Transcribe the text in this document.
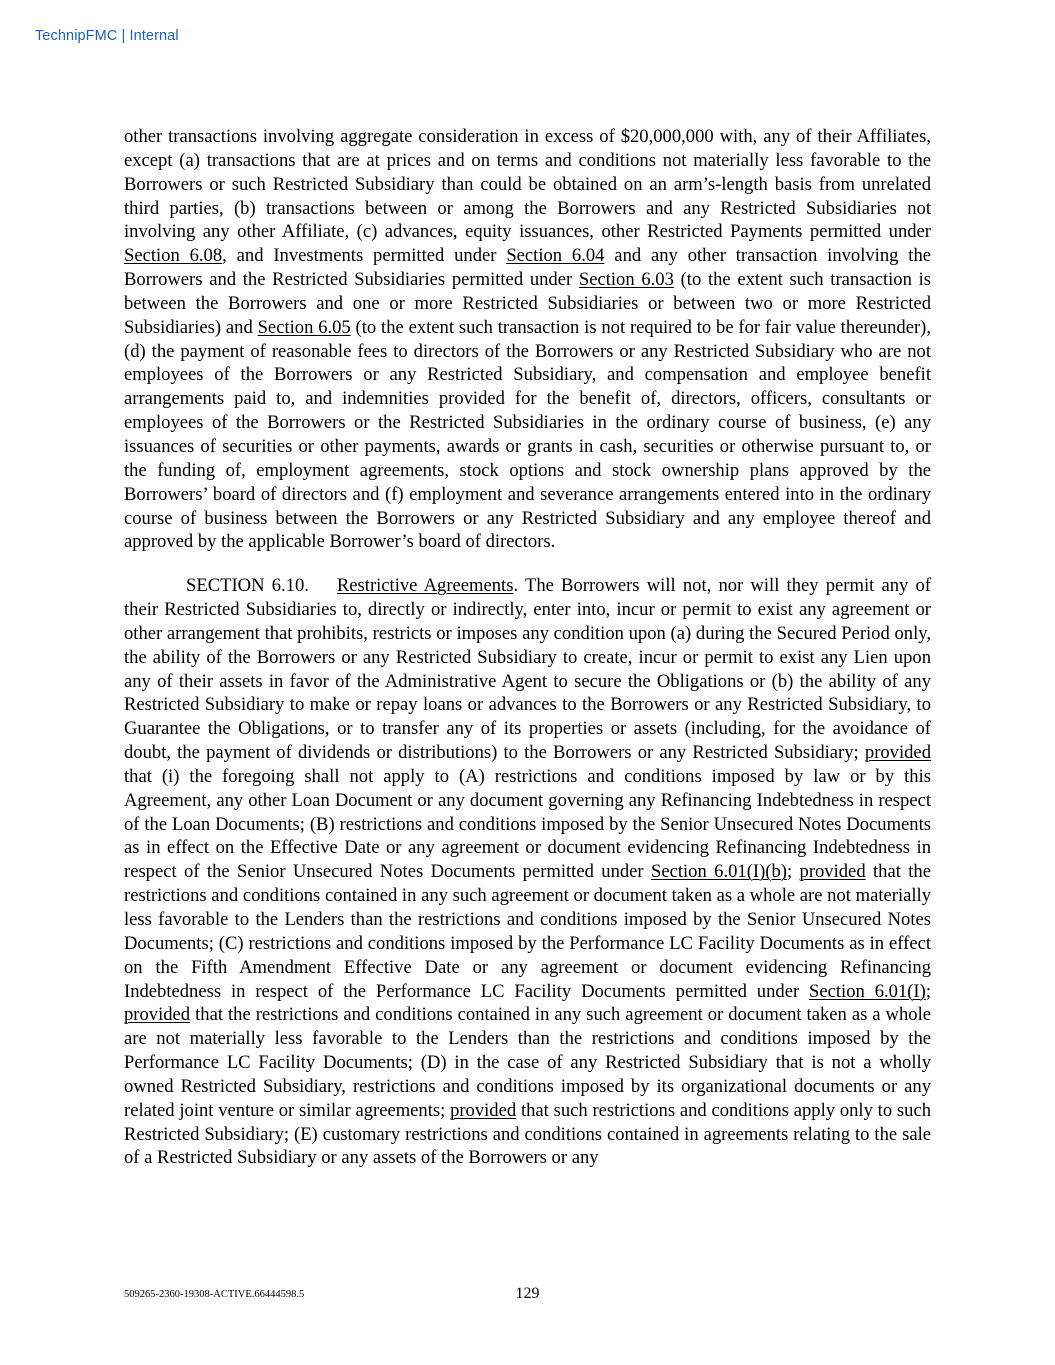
TechnipFMC | Internal

other transactions involving aggregate consideration in excess of $20,000,000 with, any of their Affiliates, except (a) transactions that are at prices and on terms and conditions not materially less favorable to the Borrowers or such Restricted Subsidiary than could be obtained on an arm’s-length basis from unrelated third parties, (b) transactions between or among the Borrowers and any Restricted Subsidiaries not involving any other Affiliate, (c) advances, equity issuances, other Restricted Payments permitted under Section 6.08, and Investments permitted under Section 6.04 and any other transaction involving the Borrowers and the Restricted Subsidiaries permitted under Section 6.03 (to the extent such transaction is between the Borrowers and one or more Restricted Subsidiaries or between two or more Restricted Subsidiaries) and Section 6.05 (to the extent such transaction is not required to be for fair value thereunder), (d) the payment of reasonable fees to directors of the Borrowers or any Restricted Subsidiary who are not employees of the Borrowers or any Restricted Subsidiary, and compensation and employee benefit arrangements paid to, and indemnities provided for the benefit of, directors, officers, consultants or employees of the Borrowers or the Restricted Subsidiaries in the ordinary course of business, (e) any issuances of securities or other payments, awards or grants in cash, securities or otherwise pursuant to, or the funding of, employment agreements, stock options and stock ownership plans approved by the Borrowers’ board of directors and (f) employment and severance arrangements entered into in the ordinary course of business between the Borrowers or any Restricted Subsidiary and any employee thereof and approved by the applicable Borrower’s board of directors.

SECTION 6.10. Restrictive Agreements. The Borrowers will not, nor will they permit any of their Restricted Subsidiaries to, directly or indirectly, enter into, incur or permit to exist any agreement or other arrangement that prohibits, restricts or imposes any condition upon (a) during the Secured Period only, the ability of the Borrowers or any Restricted Subsidiary to create, incur or permit to exist any Lien upon any of their assets in favor of the Administrative Agent to secure the Obligations or (b) the ability of any Restricted Subsidiary to make or repay loans or advances to the Borrowers or any Restricted Subsidiary, to Guarantee the Obligations, or to transfer any of its properties or assets (including, for the avoidance of doubt, the payment of dividends or distributions) to the Borrowers or any Restricted Subsidiary; provided that (i) the foregoing shall not apply to (A) restrictions and conditions imposed by law or by this Agreement, any other Loan Document or any document governing any Refinancing Indebtedness in respect of the Loan Documents; (B) restrictions and conditions imposed by the Senior Unsecured Notes Documents as in effect on the Effective Date or any agreement or document evidencing Refinancing Indebtedness in respect of the Senior Unsecured Notes Documents permitted under Section 6.01(I)(b); provided that the restrictions and conditions contained in any such agreement or document taken as a whole are not materially less favorable to the Lenders than the restrictions and conditions imposed by the Senior Unsecured Notes Documents; (C) restrictions and conditions imposed by the Performance LC Facility Documents as in effect on the Fifth Amendment Effective Date or any agreement or document evidencing Refinancing Indebtedness in respect of the Performance LC Facility Documents permitted under Section 6.01(I); provided that the restrictions and conditions contained in any such agreement or document taken as a whole are not materially less favorable to the Lenders than the restrictions and conditions imposed by the Performance LC Facility Documents; (D) in the case of any Restricted Subsidiary that is not a wholly owned Restricted Subsidiary, restrictions and conditions imposed by its organizational documents or any related joint venture or similar agreements; provided that such restrictions and conditions apply only to such Restricted Subsidiary; (E) customary restrictions and conditions contained in agreements relating to the sale of a Restricted Subsidiary or any assets of the Borrowers or any

509265-2360-19308-ACTIVE.66444598.5	129
